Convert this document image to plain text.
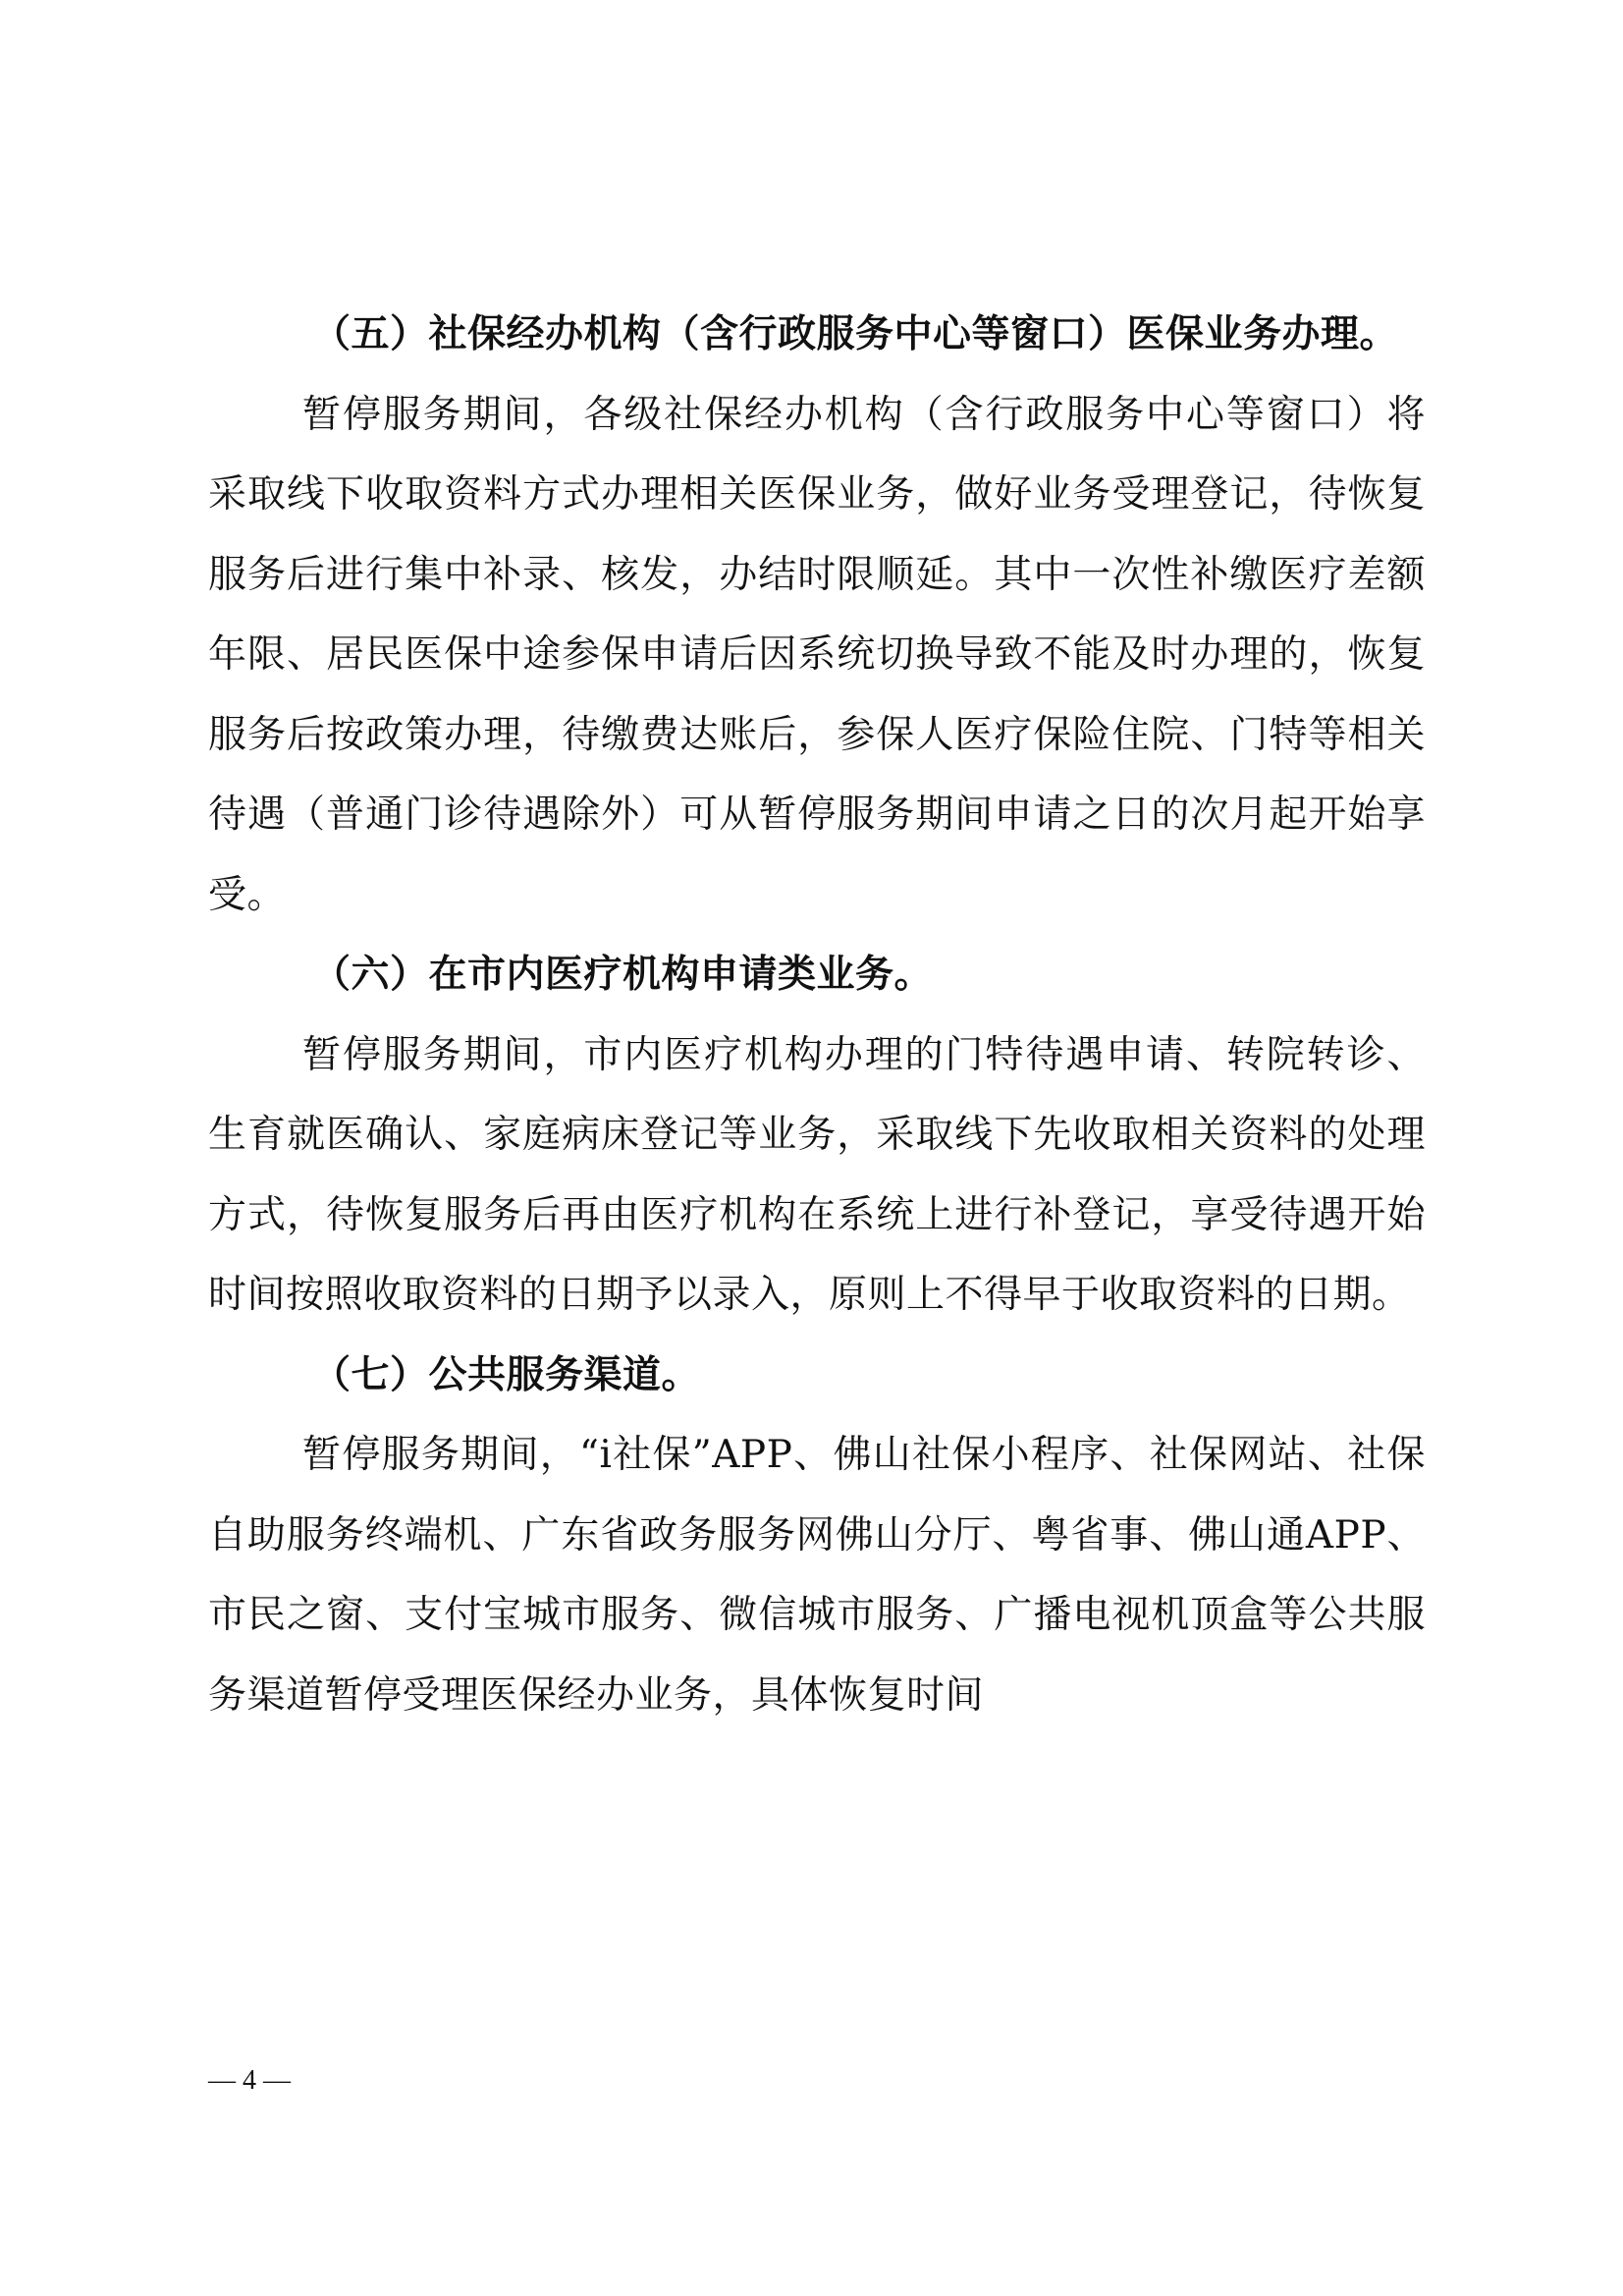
（五）社保经办机构（含行政服务中心等窗口）医保业务办理。

暂停服务期间，各级社保经办机构（含行政服务中心等窗口）将采取线下收取资料方式办理相关医保业务，做好业务受理登记，待恢复服务后进行集中补录、核发，办结时限顺延。其中一次性补缴医疗差额年限、居民医保中途参保申请后因系统切换导致不能及时办理的，恢复服务后按政策办理，待缴费达账后，参保人医疗保险住院、门特等相关待遇（普通门诊待遇除外）可从暂停服务期间申请之日的次月起开始享受。

（六）在市内医疗机构申请类业务。

暂停服务期间，市内医疗机构办理的门特待遇申请、转院转诊、生育就医确认、家庭病床登记等业务，采取线下先收取相关资料的处理方式，待恢复服务后再由医疗机构在系统上进行补登记，享受待遇开始时间按照收取资料的日期予以录入，原则上不得早于收取资料的日期。

（七）公共服务渠道。

暂停服务期间，“i社保”APP、佛山社保小程序、社保网站、社保自助服务终端机、广东省政务服务网佛山分厅、粤省事、佛山通APP、市民之窗、支付宝城市服务、微信城市服务、广播电视机顶盒等公共服务渠道暂停受理医保经办业务，具体恢复时间

— 4 —
